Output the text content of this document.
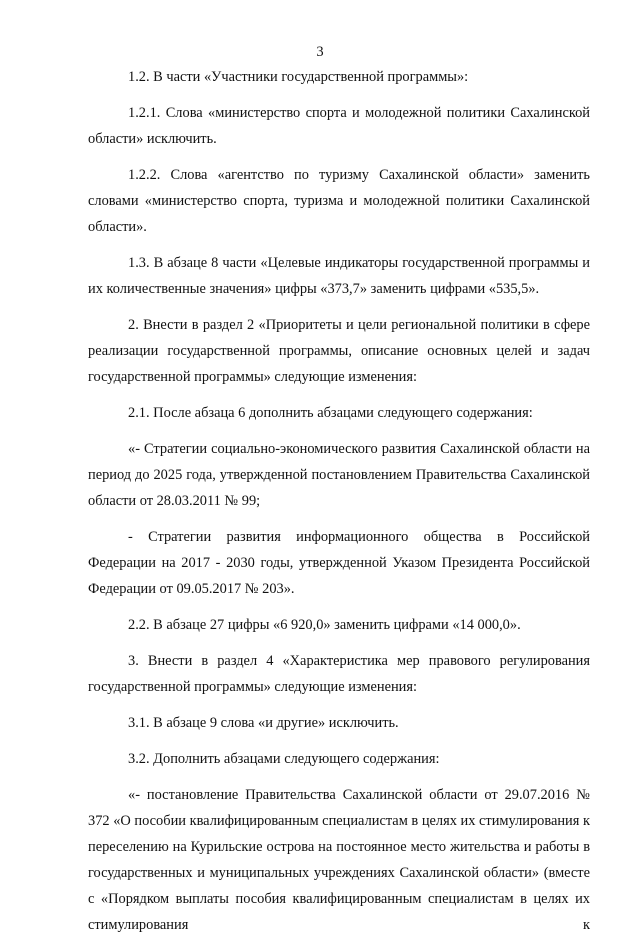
3

1.2. В части «Участники государственной программы»:

1.2.1. Слова «министерство спорта и молодежной политики Сахалинской области» исключить.

1.2.2. Слова «агентство по туризму Сахалинской области» заменить словами «министерство спорта, туризма и молодежной политики Сахалинской области».

1.3. В абзаце 8 части «Целевые индикаторы государственной программы и их количественные значения» цифры «373,7» заменить цифрами «535,5».

2. Внести в раздел 2 «Приоритеты и цели региональной политики в сфере реализации государственной программы, описание основных целей и задач государственной программы» следующие изменения:

2.1. После абзаца 6 дополнить абзацами следующего содержания:

«- Стратегии социально-экономического развития Сахалинской области на период до 2025 года, утвержденной постановлением Правительства Сахалинской области от 28.03.2011 № 99;

- Стратегии развития информационного общества в Российской Федерации на 2017 - 2030 годы, утвержденной Указом Президента Российской Федерации от 09.05.2017 № 203».

2.2. В абзаце 27 цифры «6 920,0» заменить цифрами «14 000,0».

3. Внести в раздел 4 «Характеристика мер правового регулирования государственной программы» следующие изменения:

3.1. В абзаце 9 слова «и другие» исключить.

3.2. Дополнить абзацами следующего содержания:

«- постановление Правительства Сахалинской области от 29.07.2016 № 372 «О пособии квалифицированным специалистам в целях их стимулирования к переселению на Курильские острова на постоянное место жительства и работы в государственных и муниципальных учреждениях Сахалинской области» (вместе с «Порядком выплаты пособия квалифицированным специалистам в целях их стимулирования к
